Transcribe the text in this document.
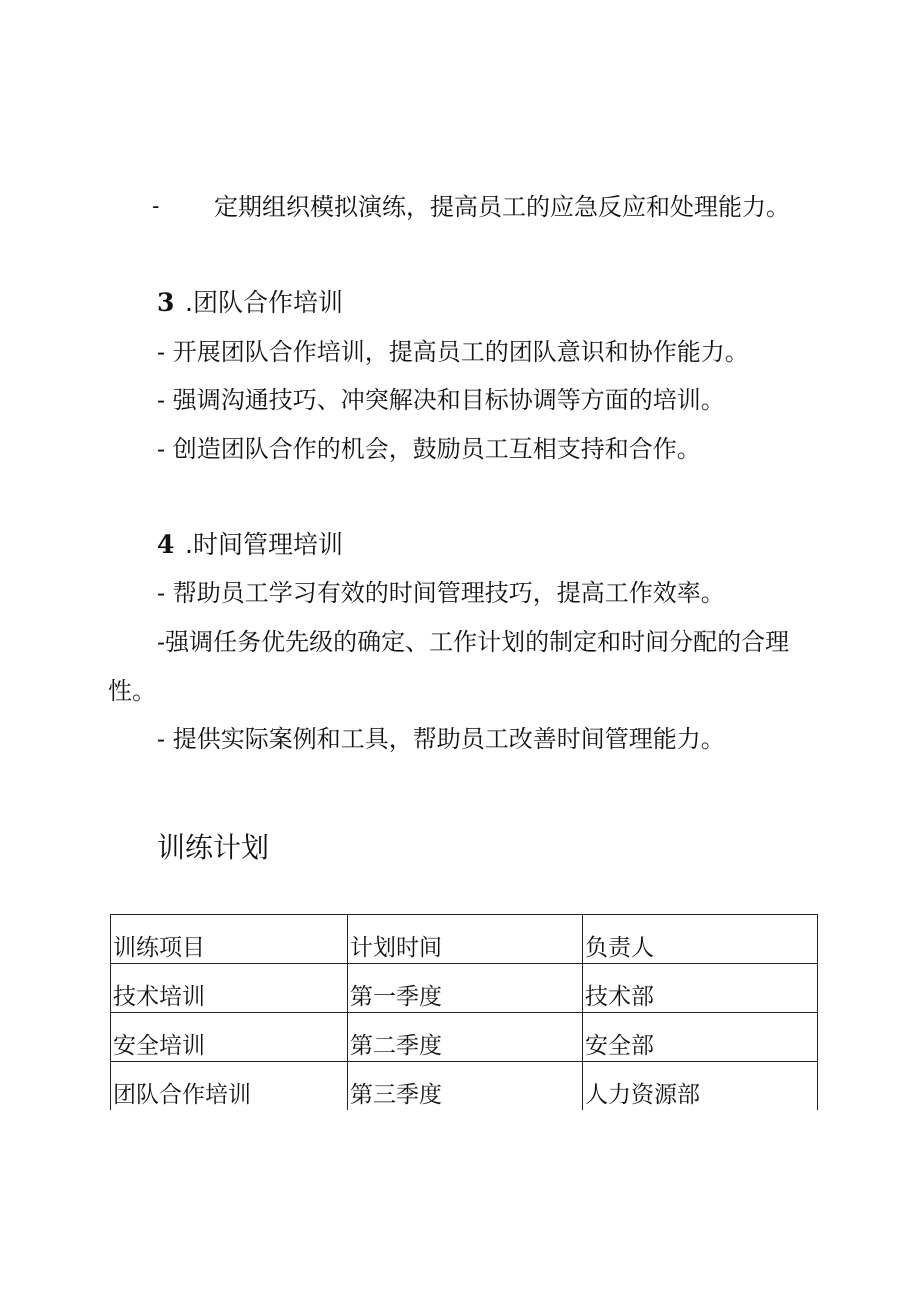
- 定期组织模拟演练，提高员工的应急反应和处理能力。
3 .团队合作培训
- 开展团队合作培训，提高员工的团队意识和协作能力。
- 强调沟通技巧、冲突解决和目标协调等方面的培训。
- 创造团队合作的机会，鼓励员工互相支持和合作。
4 .时间管理培训
- 帮助员工学习有效的时间管理技巧，提高工作效率。
-强调任务优先级的确定、工作计划的制定和时间分配的合理
性。
- 提供实际案例和工具，帮助员工改善时间管理能力。
训练计划
训练项目	计划时间	负责人
技术培训	第一季度	技术部
安全培训	第二季度	安全部
团队合作培训	第三季度	人力资源部
